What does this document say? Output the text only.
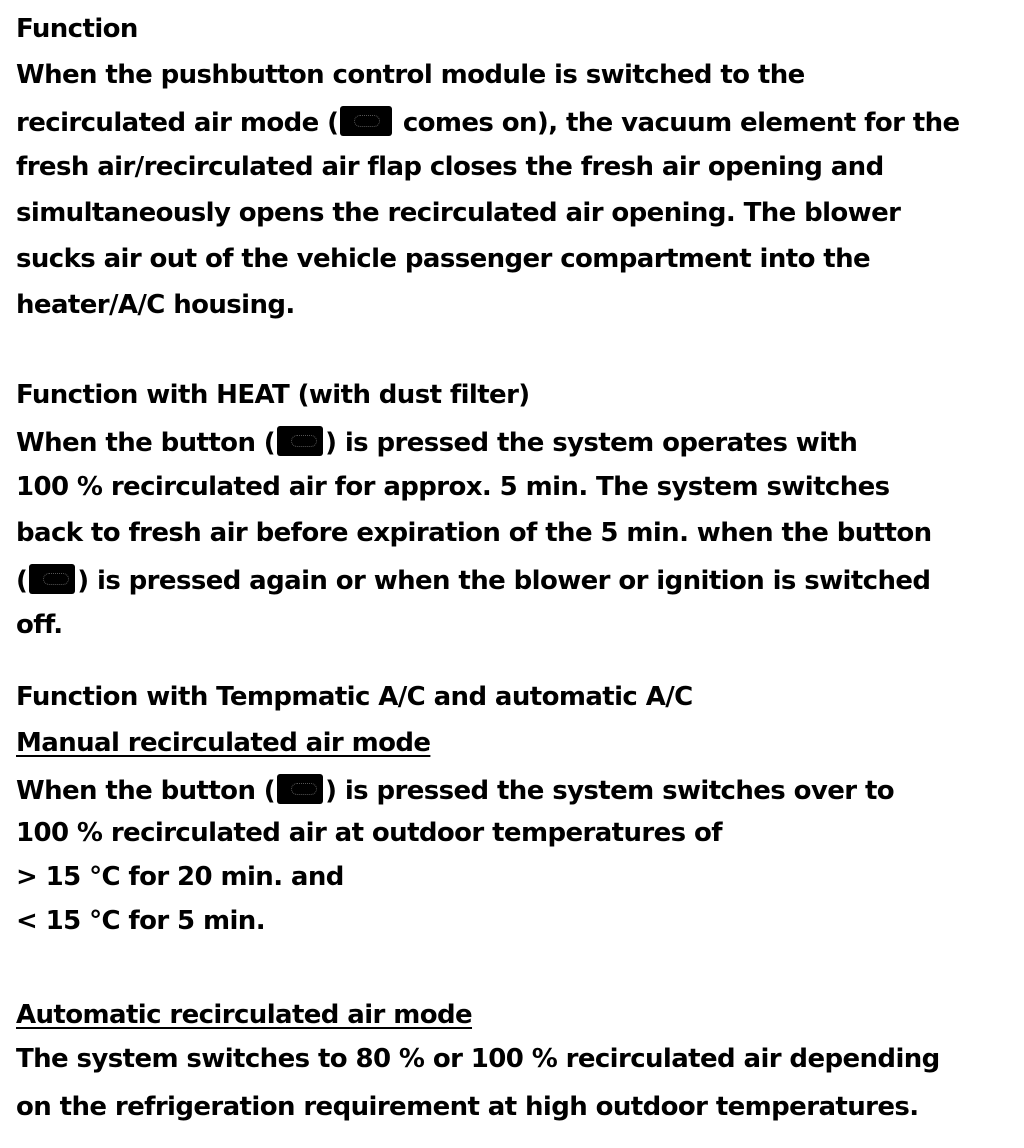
Function
When the pushbutton control module is switched to the
recirculated air mode ( comes on), the vacuum element for the
fresh air/recirculated air flap closes the fresh air opening and
simultaneously opens the recirculated air opening. The blower
sucks air out of the vehicle passenger compartment into the
heater/A/C housing.
Function with HEAT (with dust filter)
When the button ( ) is pressed the system operates with
100 % recirculated air for approx. 5 min. The system switches
back to fresh air before expiration of the 5 min. when the button
( ) is pressed again or when the blower or ignition is switched
off.
Function with Tempmatic A/C and automatic A/C
Manual recirculated air mode
When the button ( ) is pressed the system switches over to
100 % recirculated air at outdoor temperatures of
> 15 °C for 20 min. and
< 15 °C for 5 min.
Automatic recirculated air mode
The system switches to 80 % or 100 % recirculated air depending
on the refrigeration requirement at high outdoor temperatures.
